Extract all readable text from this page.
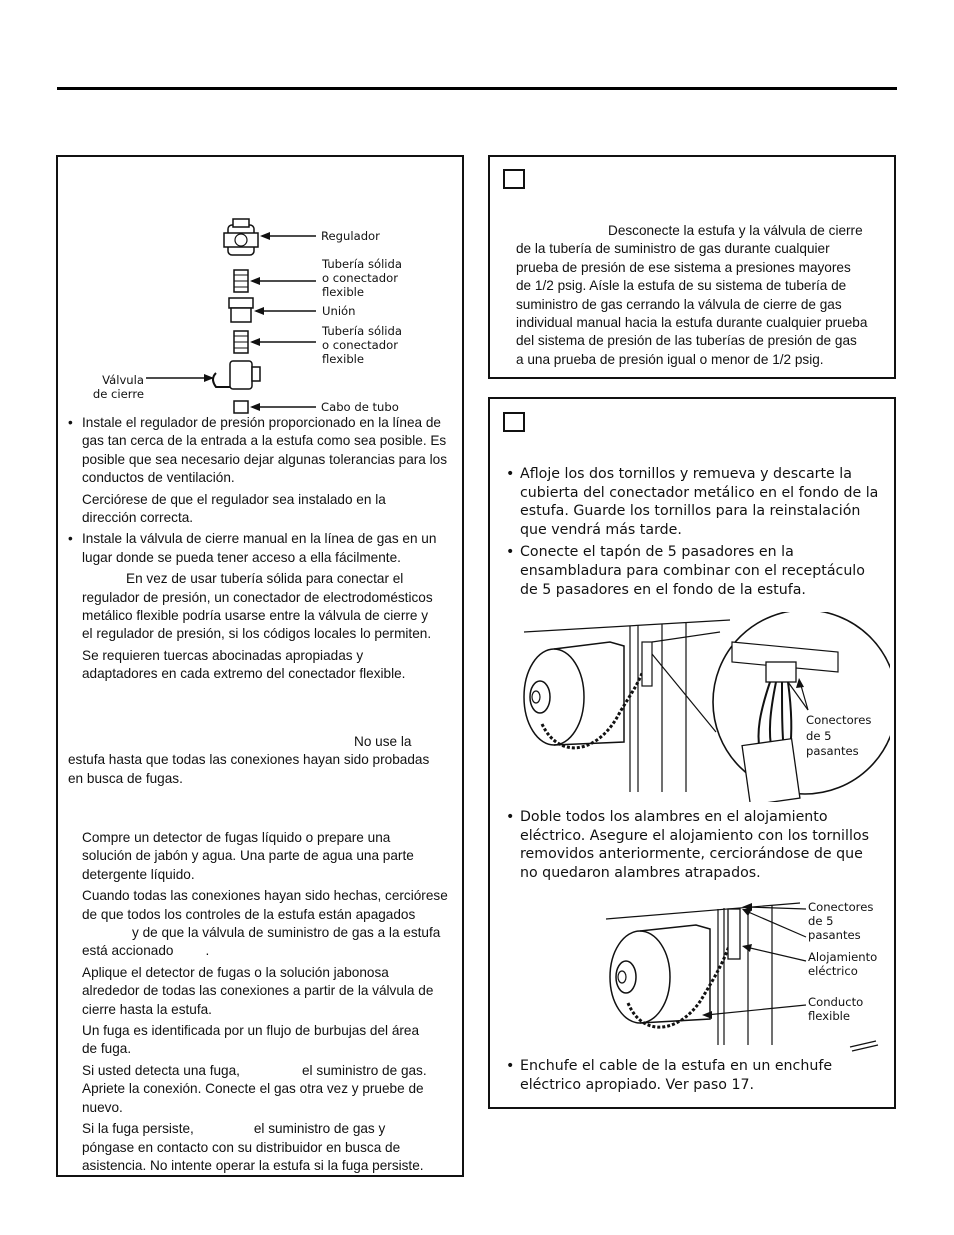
Regulador
Tubería sólida
o conectador
flexible
Unión
Tubería sólida
o conectador
flexible
Válvula
de cierre
Cabo de tubo
• Instale el regulador de presión proporcionado en la línea de
gas tan cerca de la entrada a la estufa como sea posible. Es
posible que sea necesario dejar algunas tolerancias para los
conductos de ventilación.
Cerciórese de que el regulador sea instalado en la
dirección correcta.
• Instale la válvula de cierre manual en la línea de gas en un
lugar donde se pueda tener acceso a ella fácilmente.
En vez de usar tubería sólida para conectar el
regulador de presión, un conectador de electrodomésticos
metálico flexible podría usarse entre la válvula de cierre y
el regulador de presión, si los códigos locales lo permiten.
Se requieren tuercas abocinadas apropiadas y
adaptadores en cada extremo del conectador flexible.
No use la
estufa hasta que todas las conexiones hayan sido probadas
en busca de fugas.
Compre un detector de fugas líquido o prepare una
solución de jabón y agua. Una parte de agua una parte
detergente líquido.
Cuando todas las conexiones hayan sido hechas, cerciórese
de que todos los controles de la estufa están apagados
y de que la válvula de suministro de gas a la estufa
está accionado .
Aplique el detector de fugas o la solución jabonosa
alrededor de todas las conexiones a partir de la válvula de
cierre hasta la estufa.
Un fuga es identificada por un flujo de burbujas del área
de fuga.
Si usted detecta una fuga,	el suministro de gas.
Apriete la conexión. Conecte el gas otra vez y pruebe de
nuevo.
Si la fuga persiste,	el suministro de gas y
póngase en contacto con su distribuidor en busca de
asistencia. No intente operar la estufa si la fuga persiste.
Desconecte la estufa y la válvula de cierre
de la tubería de suministro de gas durante cualquier
prueba de presión de ese sistema a presiones mayores
de 1/2 psig. Aísle la estufa de su sistema de tubería de
suministro de gas cerrando la válvula de cierre de gas
individual manual hacia la estufa durante cualquier prueba
del sistema de presión de las tuberías de presión de gas
a una prueba de presión igual o menor de 1/2 psig.
• Afloje los dos tornillos y remueva y descarte la
cubierta del conectador metálico en el fondo de la
estufa. Guarde los tornillos para la reinstalación
que vendrá más tarde.
• Conecte el tapón de 5 pasadores en la
ensambladura para combinar con el receptáculo
de 5 pasadores en el fondo de la estufa.
Conectores
de 5
pasantes
• Doble todos los alambres en el alojamiento
eléctrico. Asegure el alojamiento con los tornillos
removidos anteriormente, cerciorándose de que
no quedaron alambres atrapados.
Conectores
de 5
pasantes
Alojamiento
eléctrico
Conducto
flexible
• Enchufe el cable de la estufa en un enchufe
eléctrico apropiado. Ver paso 17.
